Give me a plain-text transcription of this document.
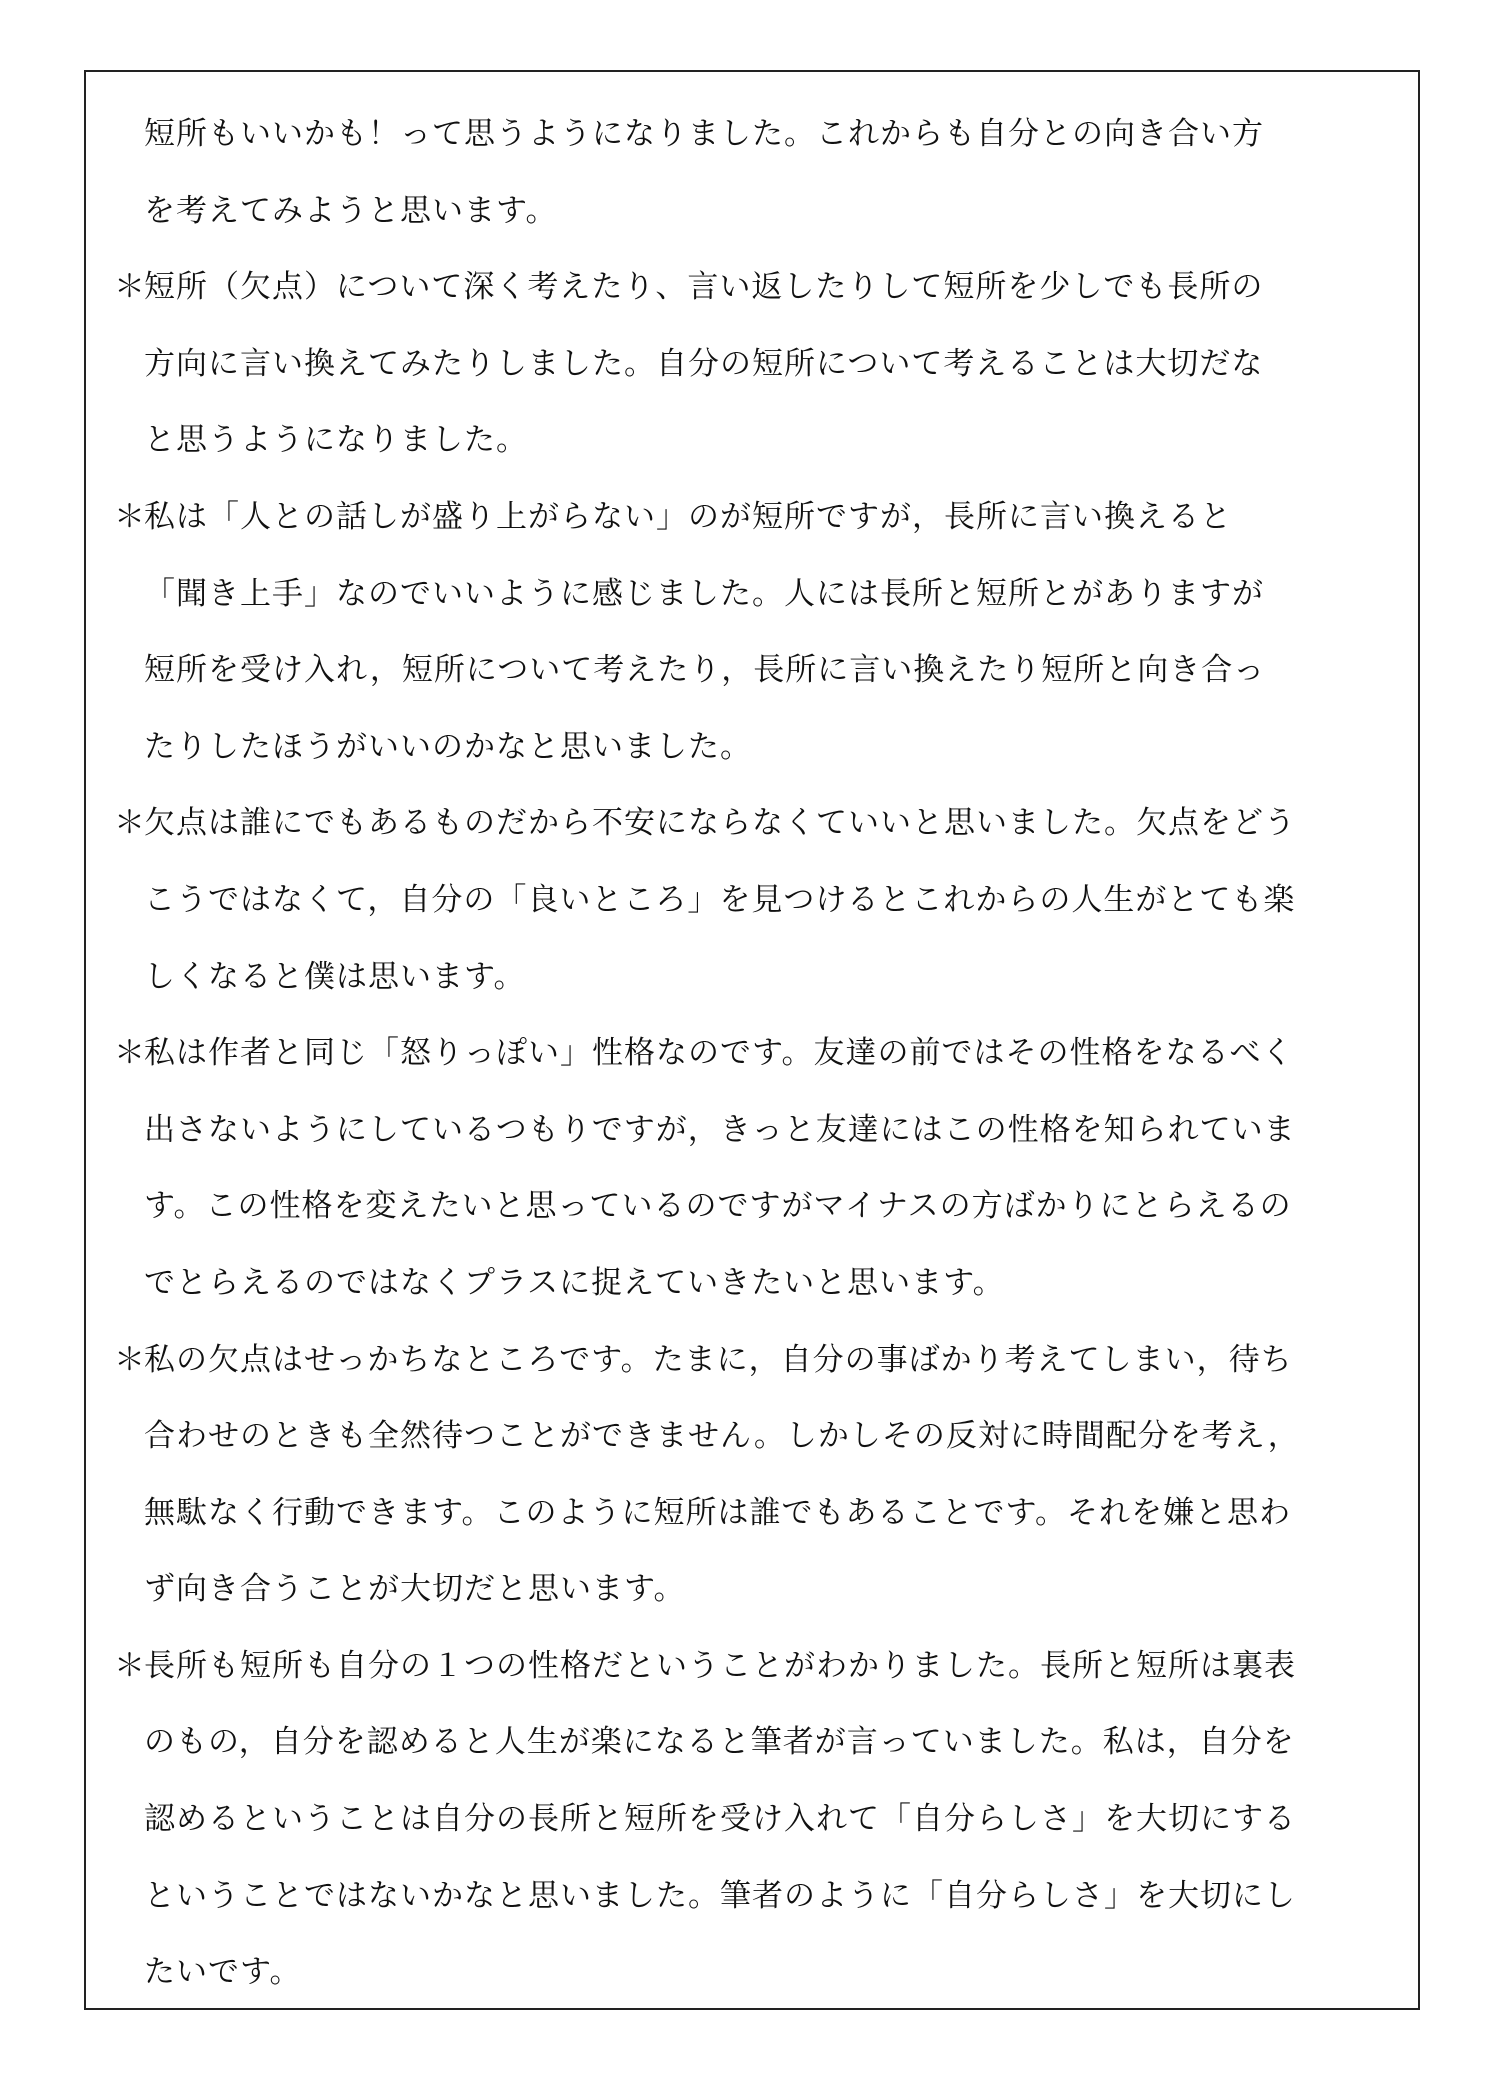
短所もいいかも！って思うようになりました。これからも自分との向き合い方
を考えてみようと思います。
＊短所（欠点）について深く考えたり、言い返したりして短所を少しでも長所の
方向に言い換えてみたりしました。自分の短所について考えることは大切だな
と思うようになりました。
＊私は「人との話しが盛り上がらない」のが短所ですが，長所に言い換えると
「聞き上手」なのでいいように感じました。人には長所と短所とがありますが
短所を受け入れ，短所について考えたり，長所に言い換えたり短所と向き合っ
たりしたほうがいいのかなと思いました。
＊欠点は誰にでもあるものだから不安にならなくていいと思いました。欠点をどう
こうではなくて，自分の「良いところ」を見つけるとこれからの人生がとても楽
しくなると僕は思います。
＊私は作者と同じ「怒りっぽい」性格なのです。友達の前ではその性格をなるべく
出さないようにしているつもりですが，きっと友達にはこの性格を知られていま
す。この性格を変えたいと思っているのですがマイナスの方ばかりにとらえるの
でとらえるのではなくプラスに捉えていきたいと思います。
＊私の欠点はせっかちなところです。たまに，自分の事ばかり考えてしまい，待ち
合わせのときも全然待つことができません。しかしその反対に時間配分を考え，
無駄なく行動できます。このように短所は誰でもあることです。それを嫌と思わ
ず向き合うことが大切だと思います。
＊長所も短所も自分の１つの性格だということがわかりました。長所と短所は裏表
のもの，自分を認めると人生が楽になると筆者が言っていました。私は，自分を
認めるということは自分の長所と短所を受け入れて「自分らしさ」を大切にする
ということではないかなと思いました。筆者のように「自分らしさ」を大切にし
たいです。
